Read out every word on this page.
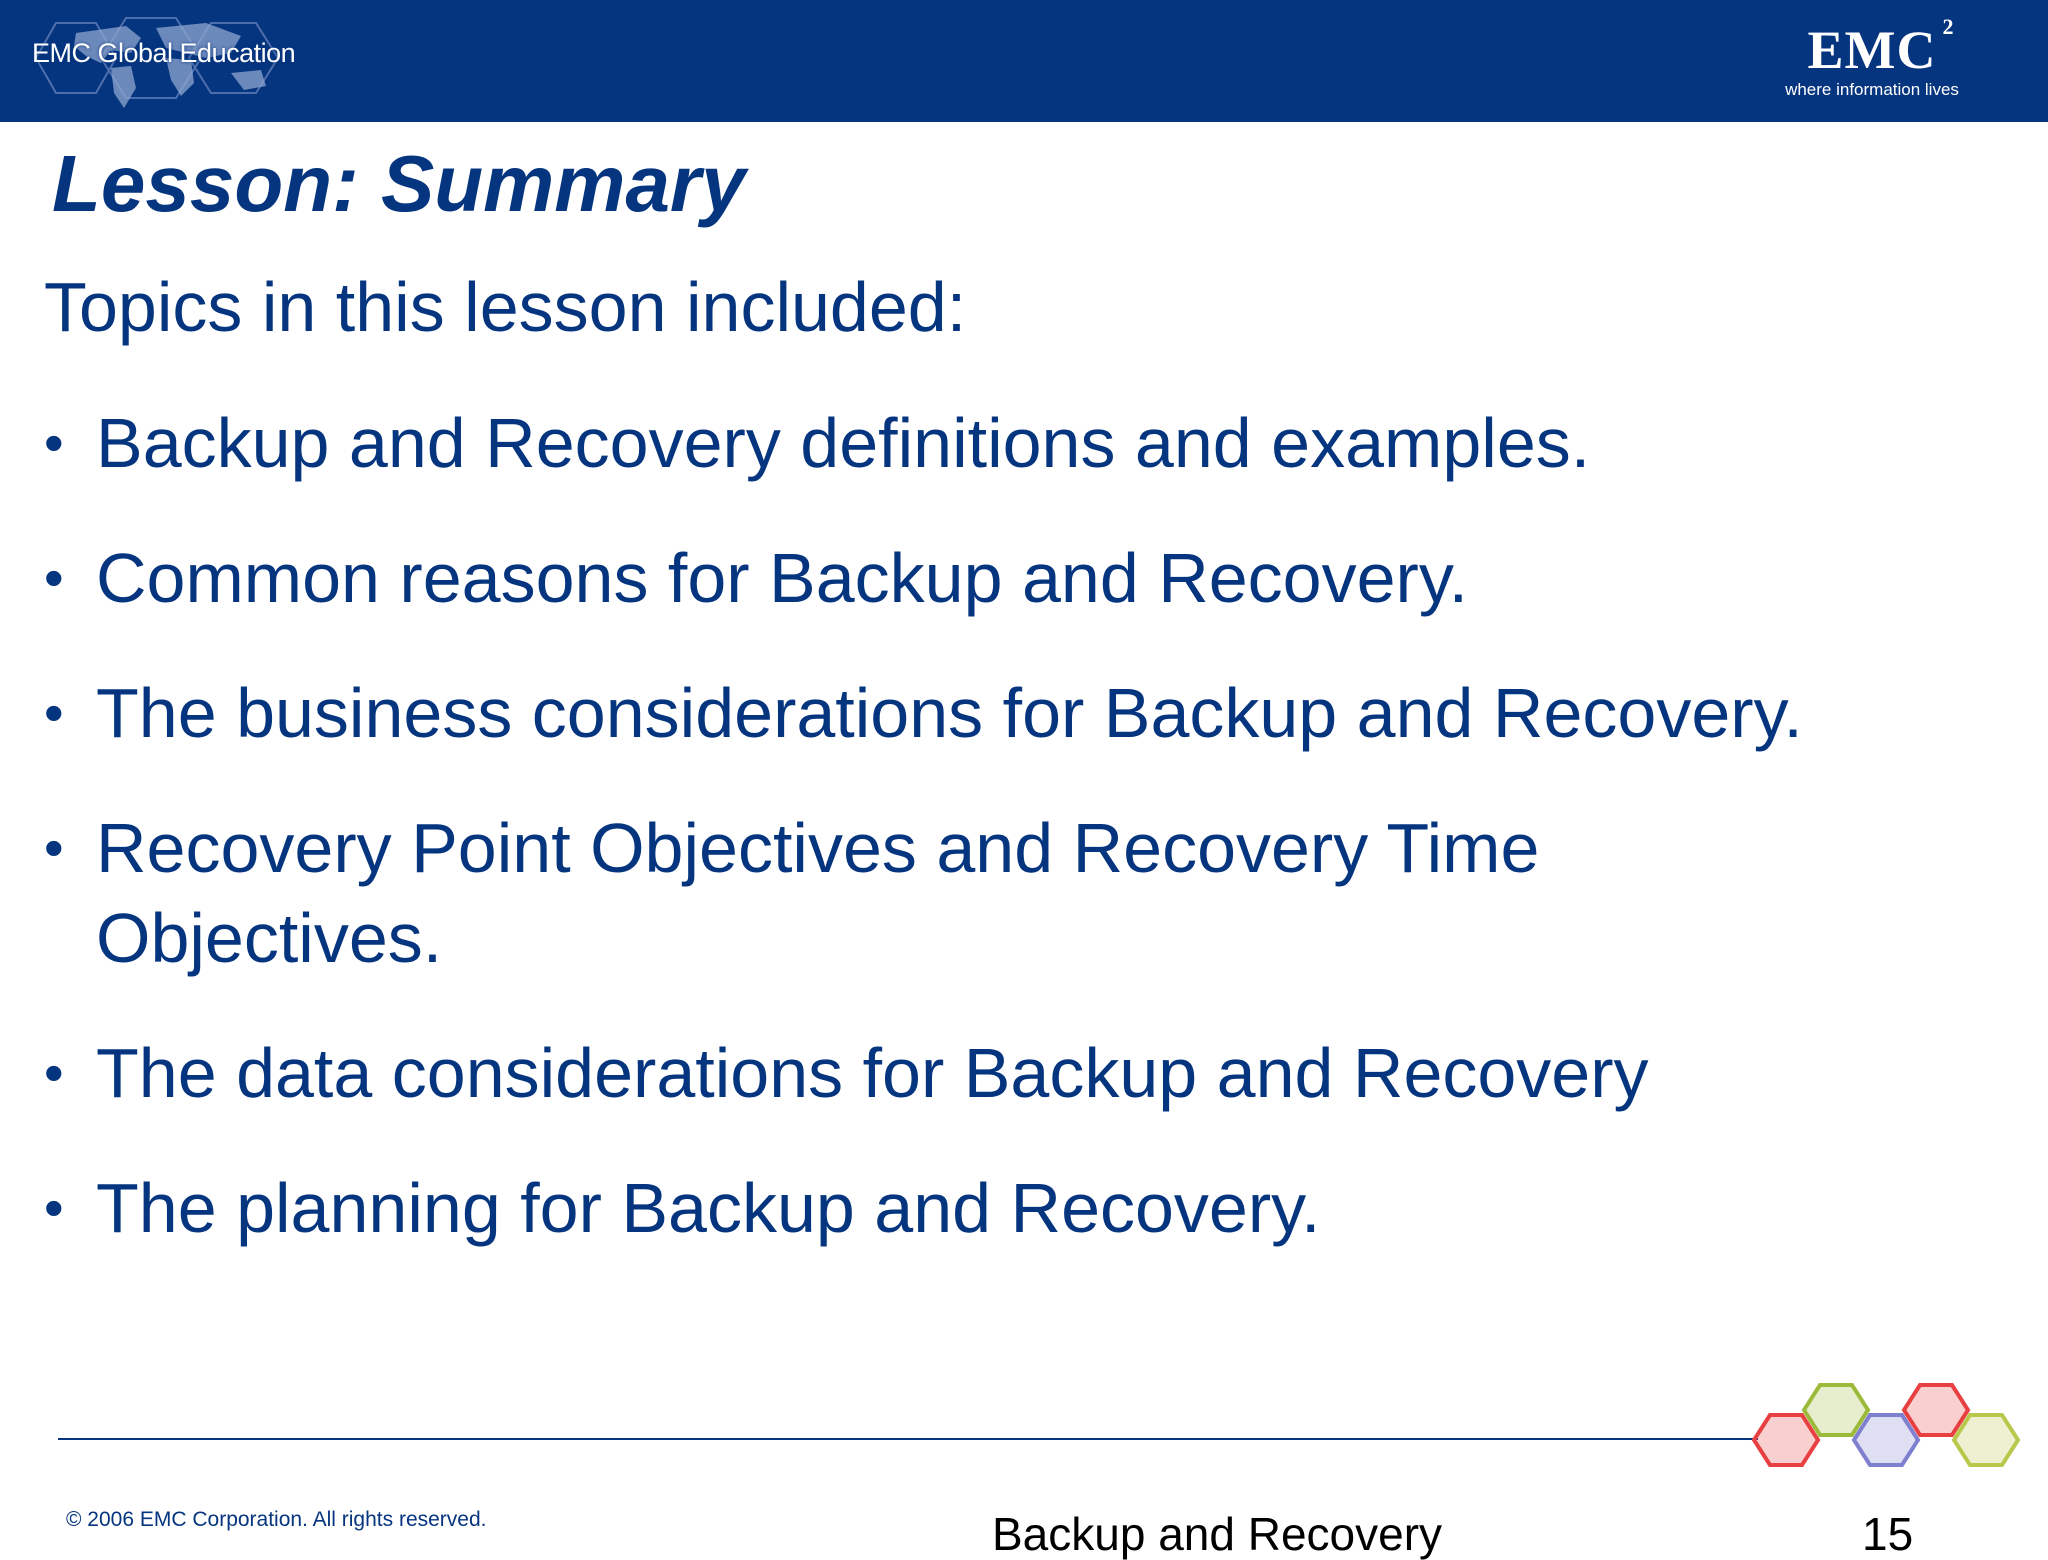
EMC Global Education	EMC 2
where information lives
Lesson: Summary
Topics in this lesson included:
• Backup and Recovery definitions and examples.
• Common reasons for Backup and Recovery.
• The business considerations for Backup and Recovery.
• Recovery Point Objectives and Recovery Time Objectives.
• The data considerations for Backup and Recovery
• The planning for Backup and Recovery.
© 2006 EMC Corporation. All rights reserved.	Backup and Recovery	15
